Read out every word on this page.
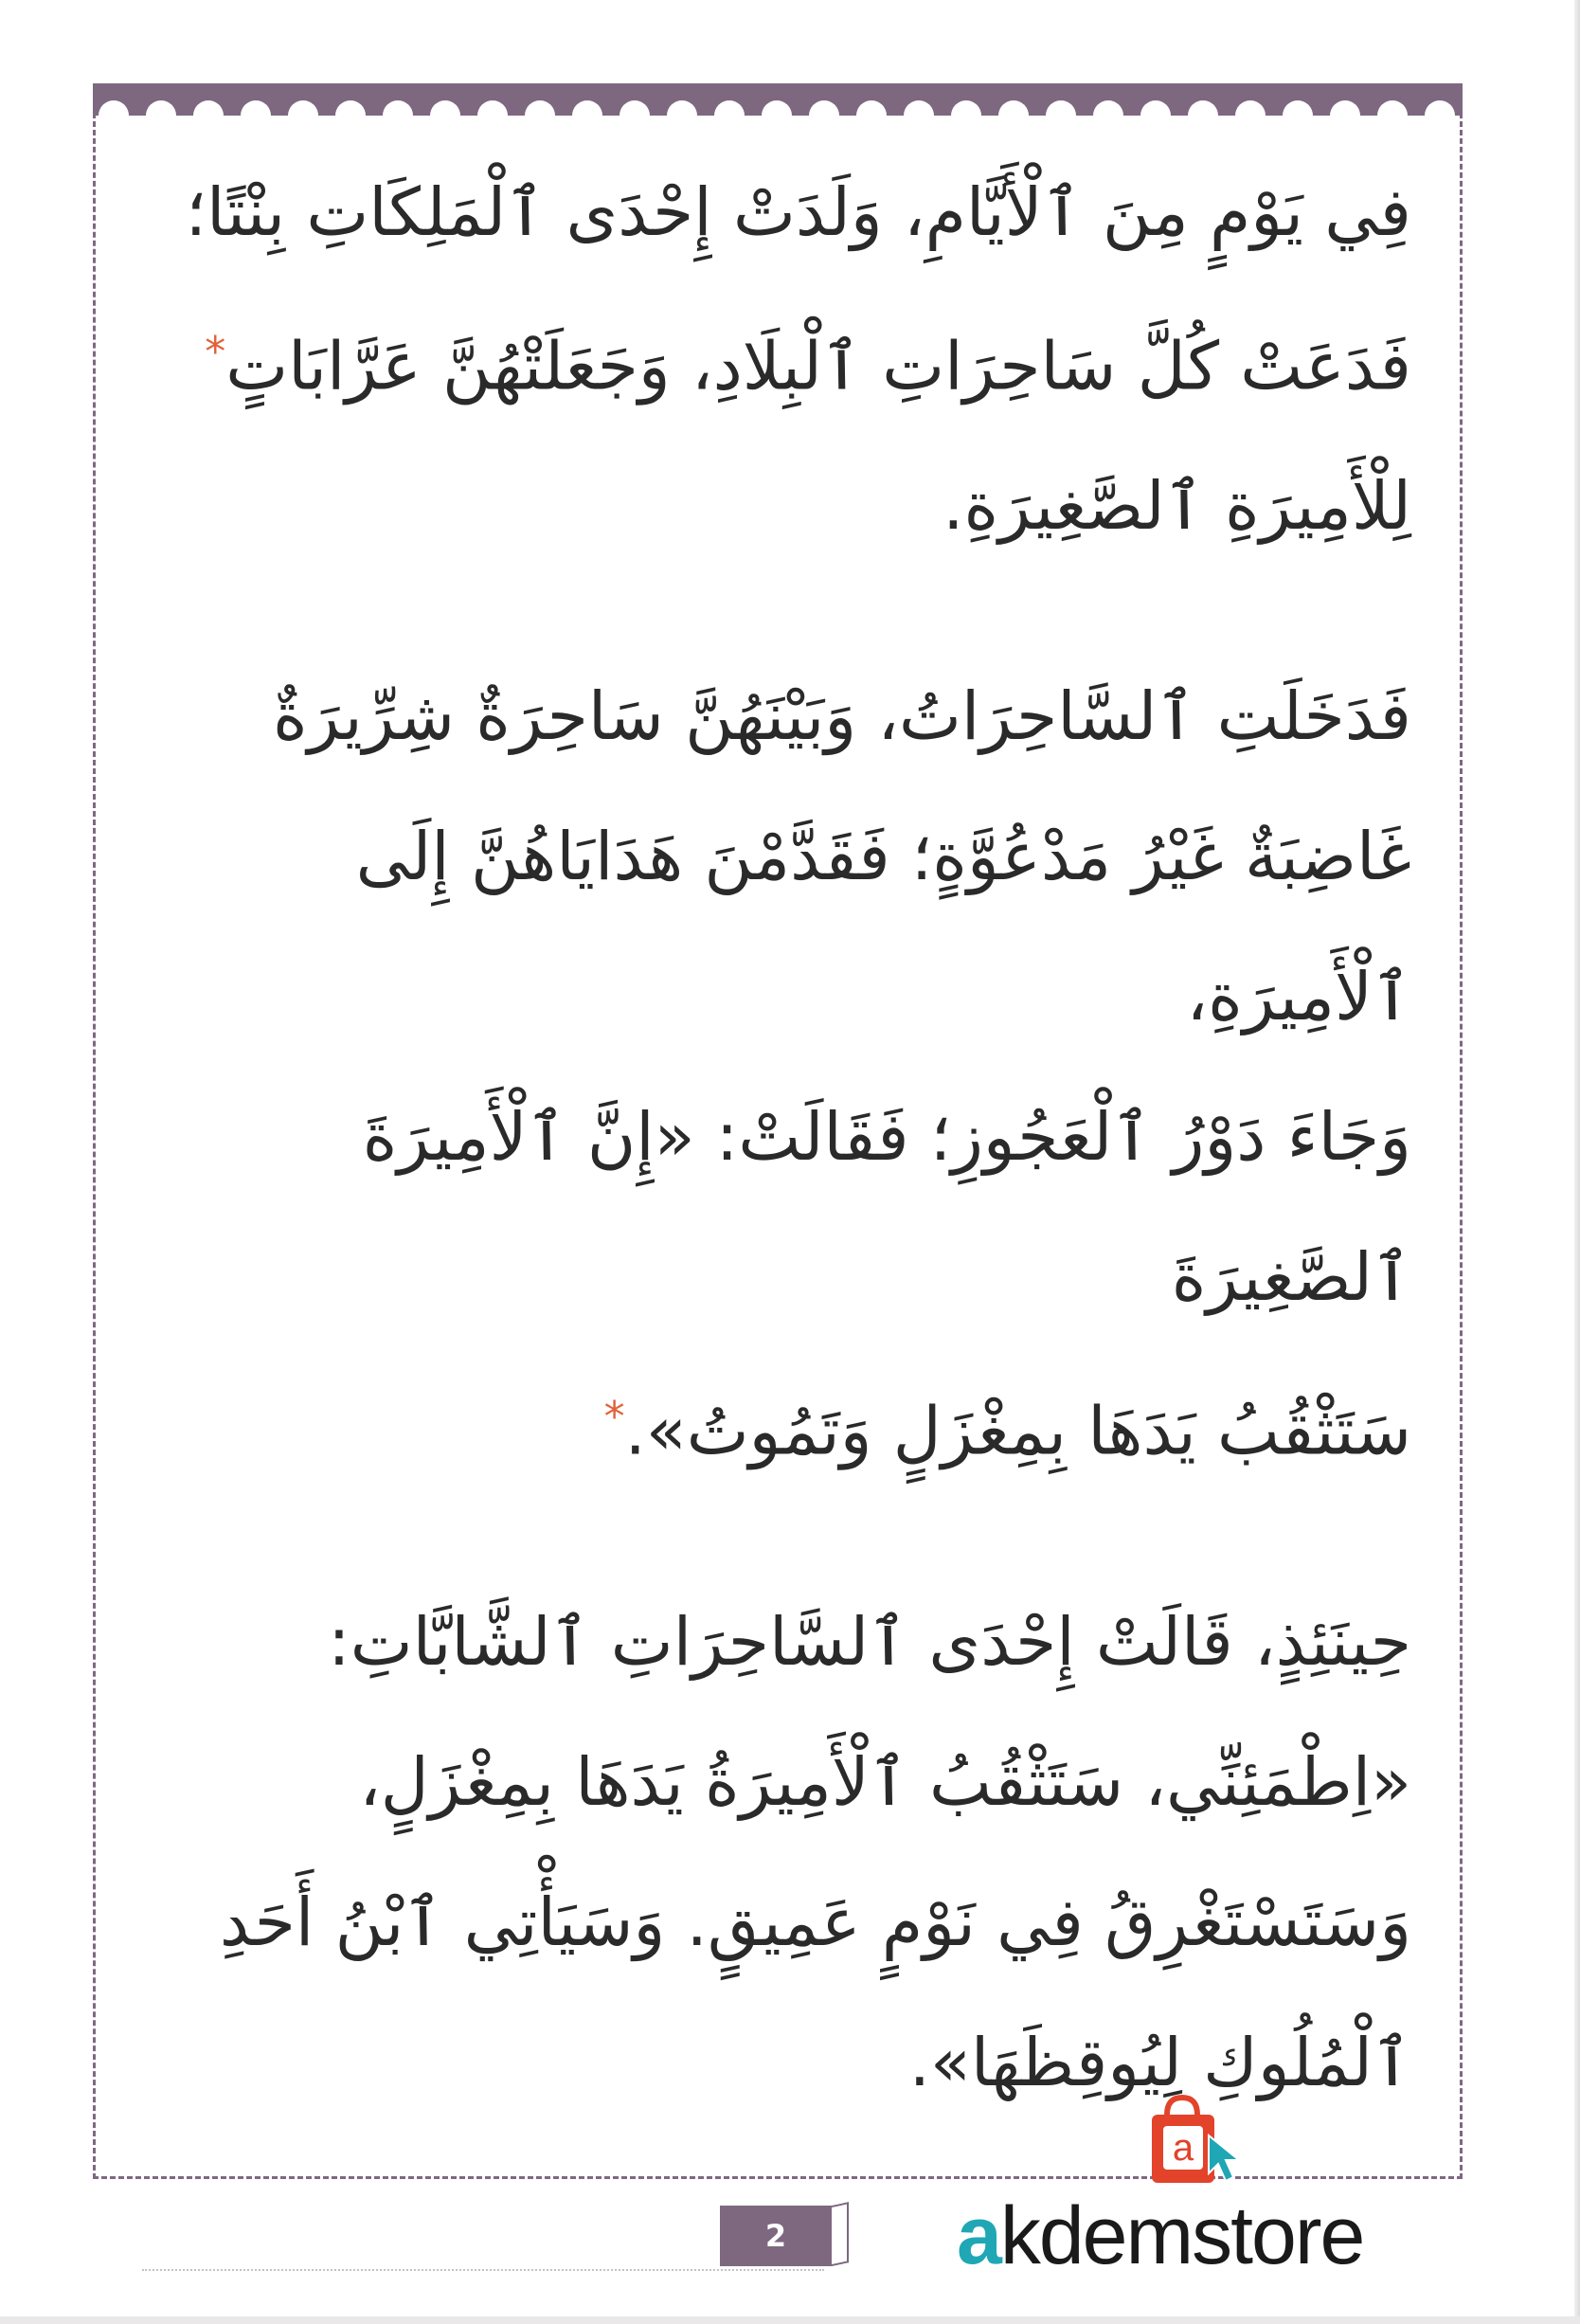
فِي يَوْمٍ مِنَ ٱلْأَيَّامِ، وَلَدَتْ إِحْدَى ٱلْمَلِكَاتِ بِنْتًا؛

فَدَعَتْ كُلَّ سَاحِرَاتِ ٱلْبِلَادِ، وَجَعَلَتْهُنَّ عَرَّابَاتٍ*

لِلْأَمِيرَةِ ٱلصَّغِيرَةِ.

فَدَخَلَتِ ٱلسَّاحِرَاتُ، وَبَيْنَهُنَّ سَاحِرَةٌ شِرِّيرَةٌ

غَاضِبَةٌ غَيْرُ مَدْعُوَّةٍ؛ فَقَدَّمْنَ هَدَايَاهُنَّ إِلَى ٱلْأَمِيرَةِ،

وَجَاءَ دَوْرُ ٱلْعَجُوزِ؛ فَقَالَتْ: «إِنَّ ٱلْأَمِيرَةَ ٱلصَّغِيرَةَ

سَتَثْقُبُ يَدَهَا بِمِغْزَلٍ وَتَمُوتُ».*

حِينَئِذٍ، قَالَتْ إِحْدَى ٱلسَّاحِرَاتِ ٱلشَّابَّاتِ:

«اِطْمَئِنِّي، سَتَثْقُبُ ٱلْأَمِيرَةُ يَدَهَا بِمِغْزَلٍ،

وَسَتَسْتَغْرِقُ فِي نَوْمٍ عَمِيقٍ. وَسَيَأْتِي ٱبْنُ أَحَدِ

ٱلْمُلُوكِ لِيُوقِظَهَا».

2
a
akdemstore
